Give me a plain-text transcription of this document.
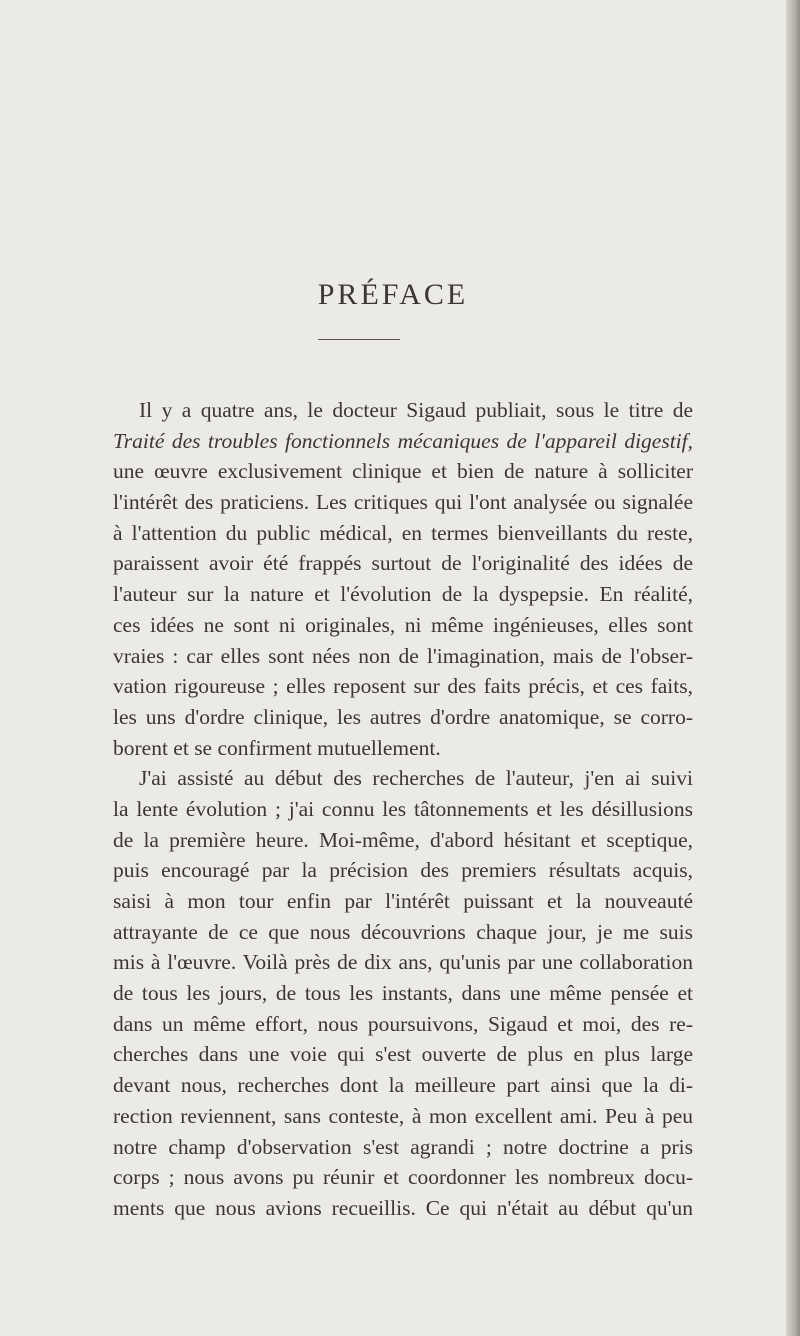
PRÉFACE
Il y a quatre ans, le docteur Sigaud publiait, sous le titre de
Traité des troubles fonctionnels mécaniques de l'appareil digestif,
une œuvre exclusivement clinique et bien de nature à solliciter
l'intérêt des praticiens. Les critiques qui l'ont analysée ou signalée
à l'attention du public médical, en termes bienveillants du reste,
paraissent avoir été frappés surtout de l'originalité des idées de
l'auteur sur la nature et l'évolution de la dyspepsie. En réalité,
ces idées ne sont ni originales, ni même ingénieuses, elles sont
vraies : car elles sont nées non de l'imagination, mais de l'obser-
vation rigoureuse ; elles reposent sur des faits précis, et ces faits,
les uns d'ordre clinique, les autres d'ordre anatomique, se corro-
borent et se confirment mutuellement.
J'ai assisté au début des recherches de l'auteur, j'en ai suivi
la lente évolution ; j'ai connu les tâtonnements et les désillusions
de la première heure. Moi-même, d'abord hésitant et sceptique,
puis encouragé par la précision des premiers résultats acquis,
saisi à mon tour enfin par l'intérêt puissant et la nouveauté
attrayante de ce que nous découvrions chaque jour, je me suis
mis à l'œuvre. Voilà près de dix ans, qu'unis par une collaboration
de tous les jours, de tous les instants, dans une même pensée et
dans un même effort, nous poursuivons, Sigaud et moi, des re-
cherches dans une voie qui s'est ouverte de plus en plus large
devant nous, recherches dont la meilleure part ainsi que la di-
rection reviennent, sans conteste, à mon excellent ami. Peu à peu
notre champ d'observation s'est agrandi ; notre doctrine a pris
corps ; nous avons pu réunir et coordonner les nombreux docu-
ments que nous avions recueillis. Ce qui n'était au début qu'un
